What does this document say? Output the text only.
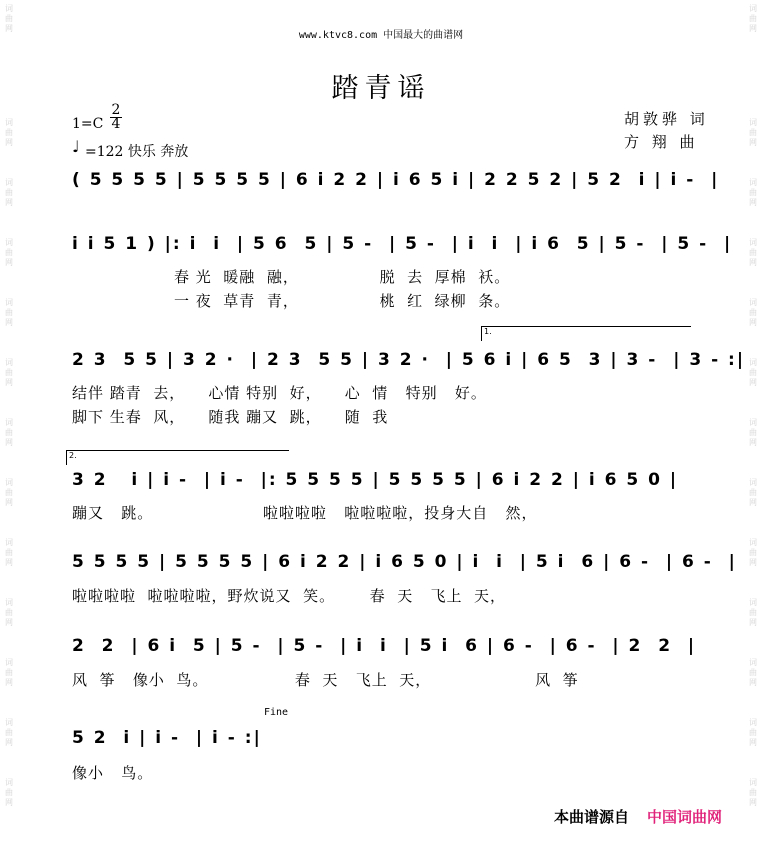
词
曲
网
词
曲
网
词
曲
网
词
曲
网
词
曲
网
词
曲
网
词
曲
网
词
曲
网
词
曲
网
词
曲
网
词
曲
网
词
曲
网
词
曲
网
词
曲
网
词
曲
网
词
曲
网
词
曲
网
词
曲
网
词
曲
网
词
曲
网
词
曲
网
词
曲
网
词
曲
网
词
曲
网
词
曲
网
词
曲
网
www.ktvc8.com 中国最大的曲谱网
踏青谣
1=C
2
4
♩ =122 快乐 奔放
胡敦骅 词
方 翔 曲
( 5 5 5 5 | 5 5 5 5 | 6 i 2 2 | i 6 5 i | 2 2 5 2 | 5 2  i | i -  |
i i 5 1 ) |: i  i  | 5 6  5 | 5 -  | 5 -  | i  i  | i 6  5 | 5 -  | 5 -  |
春 光  暖融  融，              脱  去  厚棉  袄。
一 夜  草青  青，              桃  红  绿柳  条。
1.
2 3  5 5 | 3 2 ·  | 2 3  5 5 | 3 2 ·  | 5 6 i | 6 5  3 | 3 -  | 3 - :|
结伴 踏青  去，    心情 特别  好，    心  情   特别   好。
脚下 生春  风，    随我 蹦又  跳，    随  我
2.
3 2   i | i -  | i -  |: 5 5 5 5 | 5 5 5 5 | 6 i 2 2 | i 6 5 0 |
蹦又   跳。                   啦啦啦啦   啦啦啦啦，投身大自   然，
5 5 5 5 | 5 5 5 5 | 6 i 2 2 | i 6 5 0 | i  i  | 5 i  6 | 6 -  | 6 -  |
啦啦啦啦  啦啦啦啦，野炊说又  笑。      春  天   飞上  天，
2  2  | 6 i  5 | 5 -  | 5 -  | i  i  | 5 i  6 | 6 -  | 6 -  | 2  2  |
风  筝   像小  鸟。               春  天   飞上  天，                  风  筝
Fine
5 2  i | i -  | i - :|
像小   鸟。
本曲谱源自 中国词曲网
